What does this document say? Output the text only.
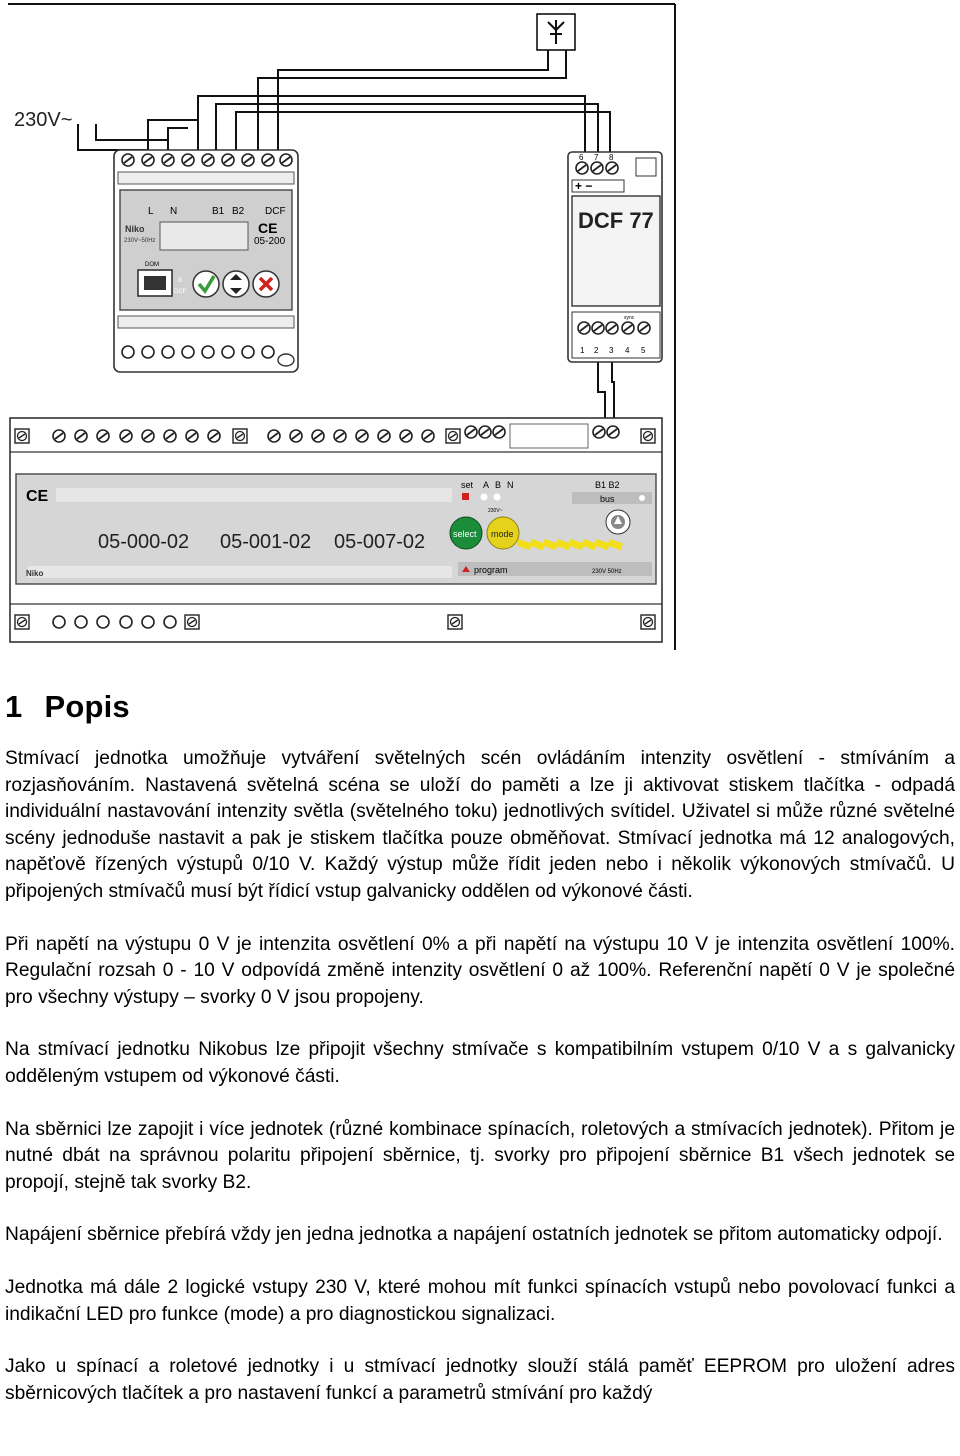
230V~
L N	B1 B2 DCF
Niko
230V~50Hz
CE
05-200
DOM
B
DCF
6 7 8
+ −
DCF 77
sync
1 2 3 4 5
CE
05-000-02 05-001-02 05-007-02
Niko
set A B N
230V~
B1 B2
bus
select mode
program	230V 50Hz
1 Popis

Stmívací jednotka umožňuje vytváření světelných scén ovládáním intenzity osvětlení - stmíváním a rozjasňováním. Nastavená světelná scéna se uloží do paměti a lze ji aktivovat stiskem tlačítka - odpadá individuální nastavování intenzity světla (světelného toku) jednotlivých svítidel. Uživatel si může různé světelné scény jednoduše nastavit a pak je stiskem tlačítka pouze obměňovat. Stmívací jednotka má 12 analogových, napěťově řízených výstupů 0/10 V. Každý výstup může řídit jeden nebo i několik výkonových stmívačů. U připojených stmívačů musí být řídicí vstup galvanicky oddělen od výkonové části.

Při napětí na výstupu 0 V je intenzita osvětlení 0% a při napětí na výstupu 10 V je intenzita osvětlení 100%. Regulační rozsah 0 - 10 V odpovídá změně intenzity osvětlení 0 až 100%. Referenční napětí 0 V je společné pro všechny výstupy – svorky 0 V jsou propojeny.

Na stmívací jednotku Nikobus lze připojit všechny stmívače s kompatibilním vstupem 0/10 V a s galvanicky odděleným vstupem od výkonové části.

Na sběrnici lze zapojit i více jednotek (různé kombinace spínacích, roletových a stmívacích jednotek). Přitom je nutné dbát na správnou polaritu připojení sběrnice, tj. svorky pro připojení sběrnice B1 všech jednotek se propojí, stejně tak svorky B2.

Napájení sběrnice přebírá vždy jen jedna jednotka a napájení ostatních jednotek se přitom automaticky odpojí.

Jednotka má dále 2 logické vstupy 230 V, které mohou mít funkci spínacích vstupů nebo povolovací funkci a indikační LED pro funkce (mode) a pro diagnostickou signalizaci.

Jako u spínací a roletové jednotky i u stmívací jednotky slouží stálá paměť EEPROM pro uložení adres sběrnicových tlačítek a pro nastavení funkcí a parametrů stmívání pro každý
